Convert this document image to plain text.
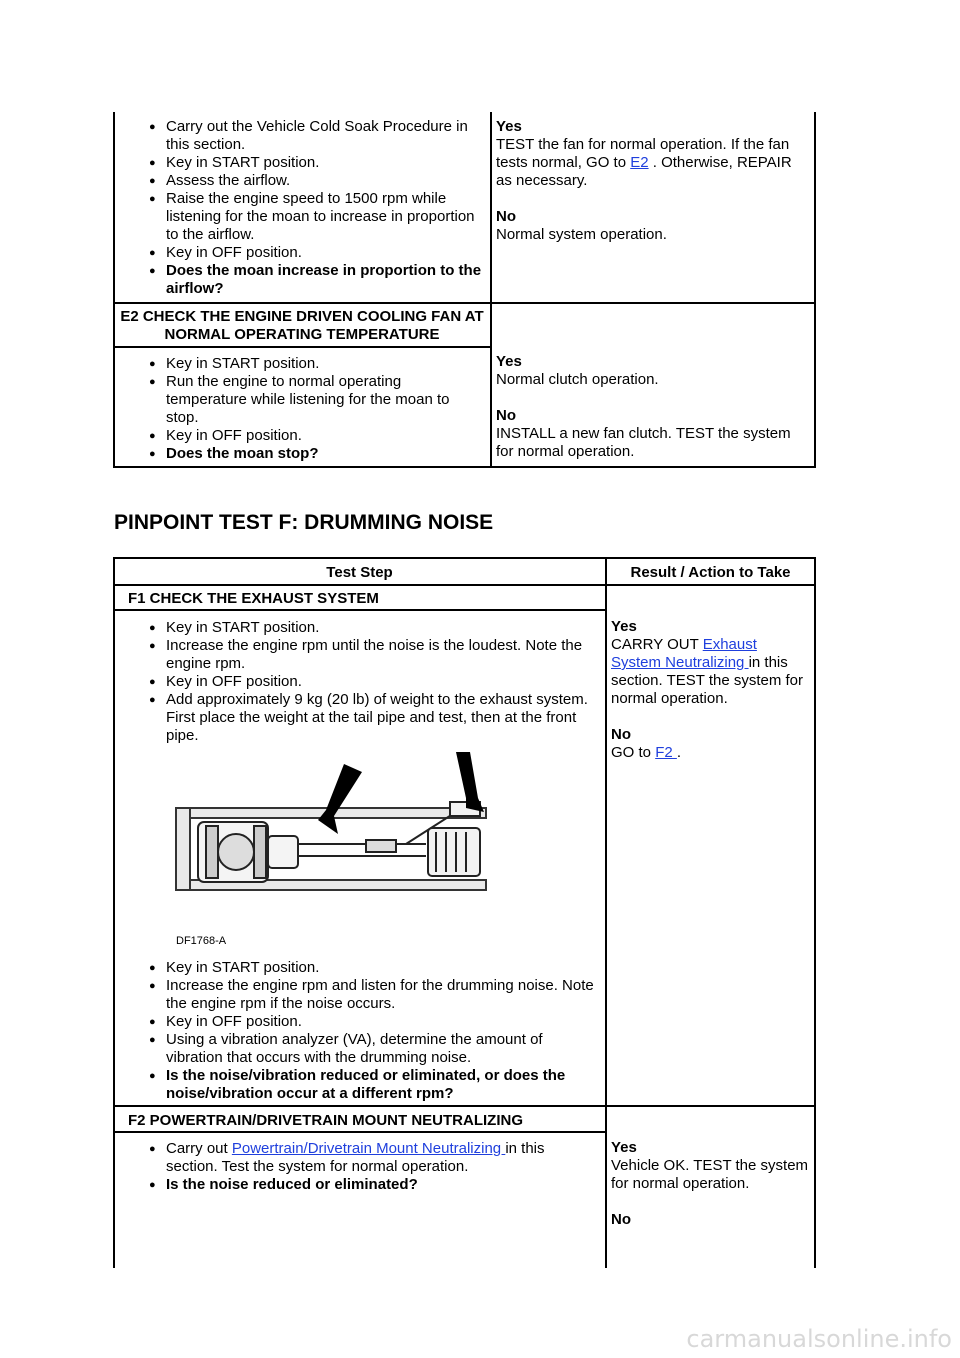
● Carry out the Vehicle Cold Soak Procedure in this section.
● Key in START position.
● Assess the airflow.
● Raise the engine speed to 1500 rpm while listening for the moan to increase in proportion to the airflow.
● Key in OFF position.
● Does the moan increase in proportion to the airflow?
Yes
TEST the fan for normal operation. If the fan tests normal, GO to E2 . Otherwise, REPAIR as necessary.
No
Normal system operation.
E2 CHECK THE ENGINE DRIVEN COOLING FAN AT NORMAL OPERATING TEMPERATURE
● Key in START position.
● Run the engine to normal operating temperature while listening for the moan to stop.
● Key in OFF position.
● Does the moan stop?
Yes
Normal clutch operation.
No
INSTALL a new fan clutch. TEST the system for normal operation.
PINPOINT TEST F: DRUMMING NOISE
Test Step	Result / Action to Take
F1 CHECK THE EXHAUST SYSTEM
● Key in START position.
● Increase the engine rpm until the noise is the loudest. Note the engine rpm.
● Key in OFF position.
● Add approximately 9 kg (20 lb) of weight to the exhaust system. First place the weight at the tail pipe and test, then at the front pipe.
DF1768-A
● Key in START position.
● Increase the engine rpm and listen for the drumming noise. Note the engine rpm if the noise occurs.
● Key in OFF position.
● Using a vibration analyzer (VA), determine the amount of vibration that occurs with the drumming noise.
● Is the noise/vibration reduced or eliminated, or does the noise/vibration occur at a different rpm?
Yes
CARRY OUT Exhaust System Neutralizing in this section. TEST the system for normal operation.
No
GO to F2 .
F2 POWERTRAIN/DRIVETRAIN MOUNT NEUTRALIZING
● Carry out Powertrain/Drivetrain Mount Neutralizing in this section. Test the system for normal operation.
● Is the noise reduced or eliminated?
Yes
Vehicle OK. TEST the system for normal operation.
No
carmanualsonline.info
